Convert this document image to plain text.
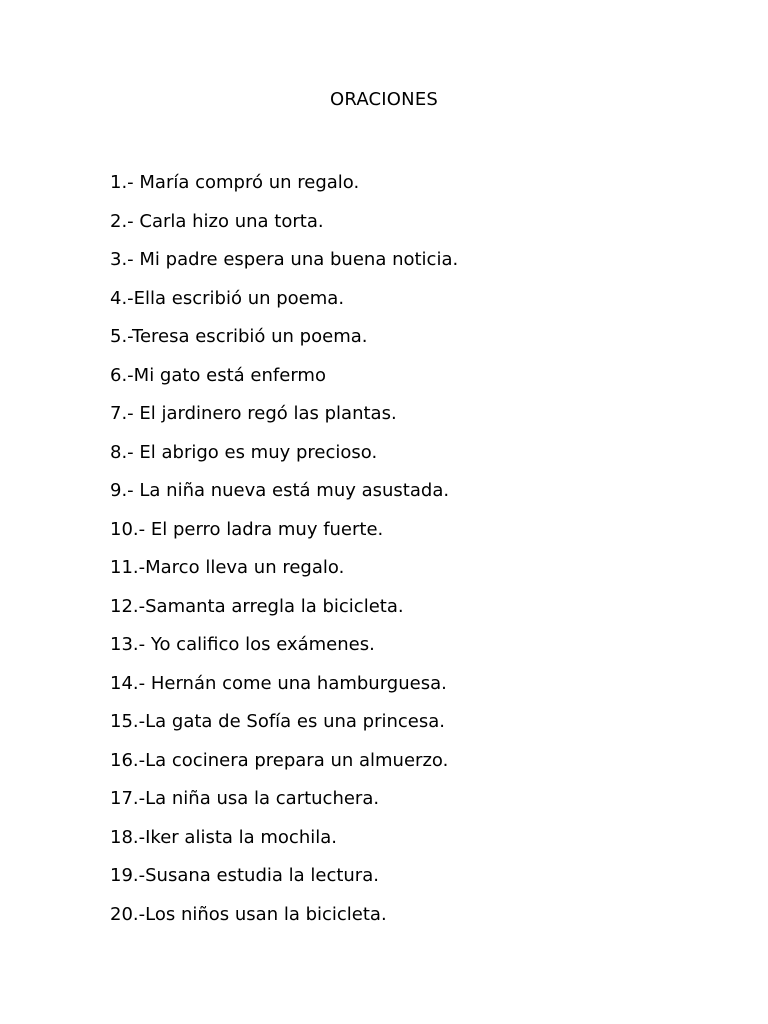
ORACIONES
1.- María compró un regalo.
2.- Carla hizo una torta.
3.- Mi padre espera una buena noticia.
4.-Ella escribió un poema.
5.-Teresa escribió un poema.
6.-Mi gato está enfermo
7.- El jardinero regó las plantas.
8.- El abrigo es muy precioso.
9.- La niña nueva está muy asustada.
10.- El perro ladra muy fuerte.
11.-Marco lleva un regalo.
12.-Samanta arregla la bicicleta.
13.- Yo califico los exámenes.
14.- Hernán come una hamburguesa.
15.-La gata de Sofía es una princesa.
16.-La cocinera prepara un almuerzo.
17.-La niña usa la cartuchera.
18.-Iker alista la mochila.
19.-Susana estudia la lectura.
20.-Los niños usan la bicicleta.
